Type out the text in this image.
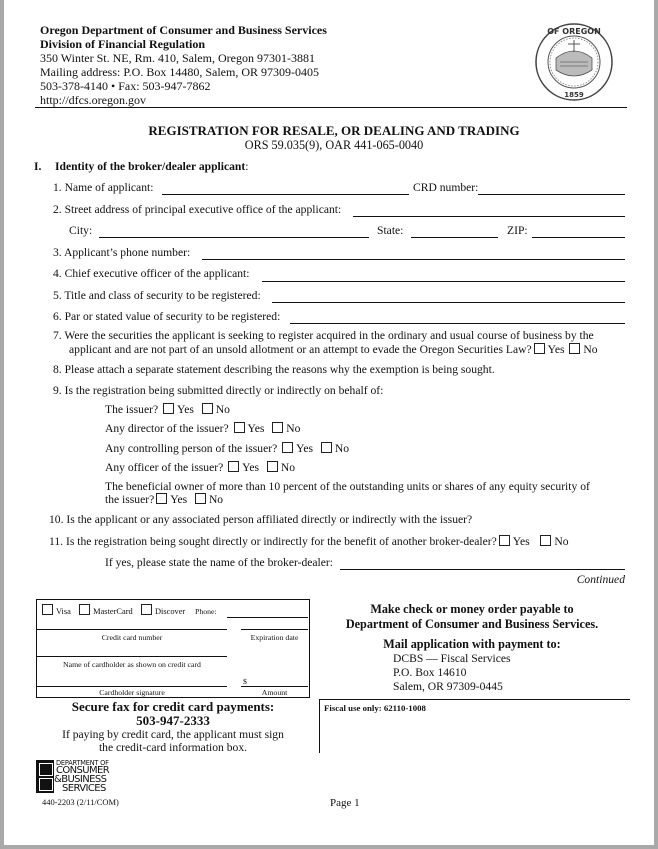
Oregon Department of Consumer and Business Services
Division of Financial Regulation
350 Winter St. NE, Rm. 410, Salem, Oregon 97301-3881
Mailing address: P.O. Box 14480, Salem, OR 97309-0405
503-378-4140 • Fax: 503-947-7862
http://dfcs.oregon.gov
OF OREGON
1859
REGISTRATION FOR RESALE, OR DEALING AND TRADING
ORS 59.035(9), OAR 441-065-0040
I. Identity of the broker/dealer applicant:
1. Name of applicant:	CRD number:
2. Street address of principal executive office of the applicant:
City:	State:	ZIP:
3. Applicant’s phone number:
4. Chief executive officer of the applicant:
5. Title and class of security to be registered:
6. Par or stated value of security to be registered:
7. Were the securities the applicant is seeking to register acquired in the ordinary and usual course of business by the
applicant and are not part of an unsold allotment or an attempt to evade the Oregon Securities Law? Yes No
8. Please attach a separate statement describing the reasons why the exemption is being sought.
9. Is the registration being submitted directly or indirectly on behalf of:
The issuer? Yes No
Any director of the issuer? Yes No
Any controlling person of the issuer? Yes No
Any officer of the issuer? Yes No
The beneficial owner of more than 10 percent of the outstanding units or shares of any equity security of
the issuer? Yes No
10. Is the applicant or any associated person affiliated directly or indirectly with the issuer?
11. Is the registration being sought directly or indirectly for the benefit of another broker-dealer? Yes No
If yes, please state the name of the broker-dealer:
Continued
Visa	MasterCard	Discover Phone:
Credit card number	Expiration date
Name of cardholder as shown on credit card
$
Cardholder signature	Amount
Secure fax for credit card payments:
503-947-2333
If paying by credit card, the applicant must sign
the credit-card information box.
Make check or money order payable to
Department of Consumer and Business Services.
Mail application with payment to:
DCBS — Fiscal Services
P.O. Box 14610
Salem, OR 97309-0445
Fiscal use only: 62110-1008
DEPARTMENT OF
CONSUMER
&BUSINESS
SERVICES
440-2203 (2/11/COM)	Page 1
